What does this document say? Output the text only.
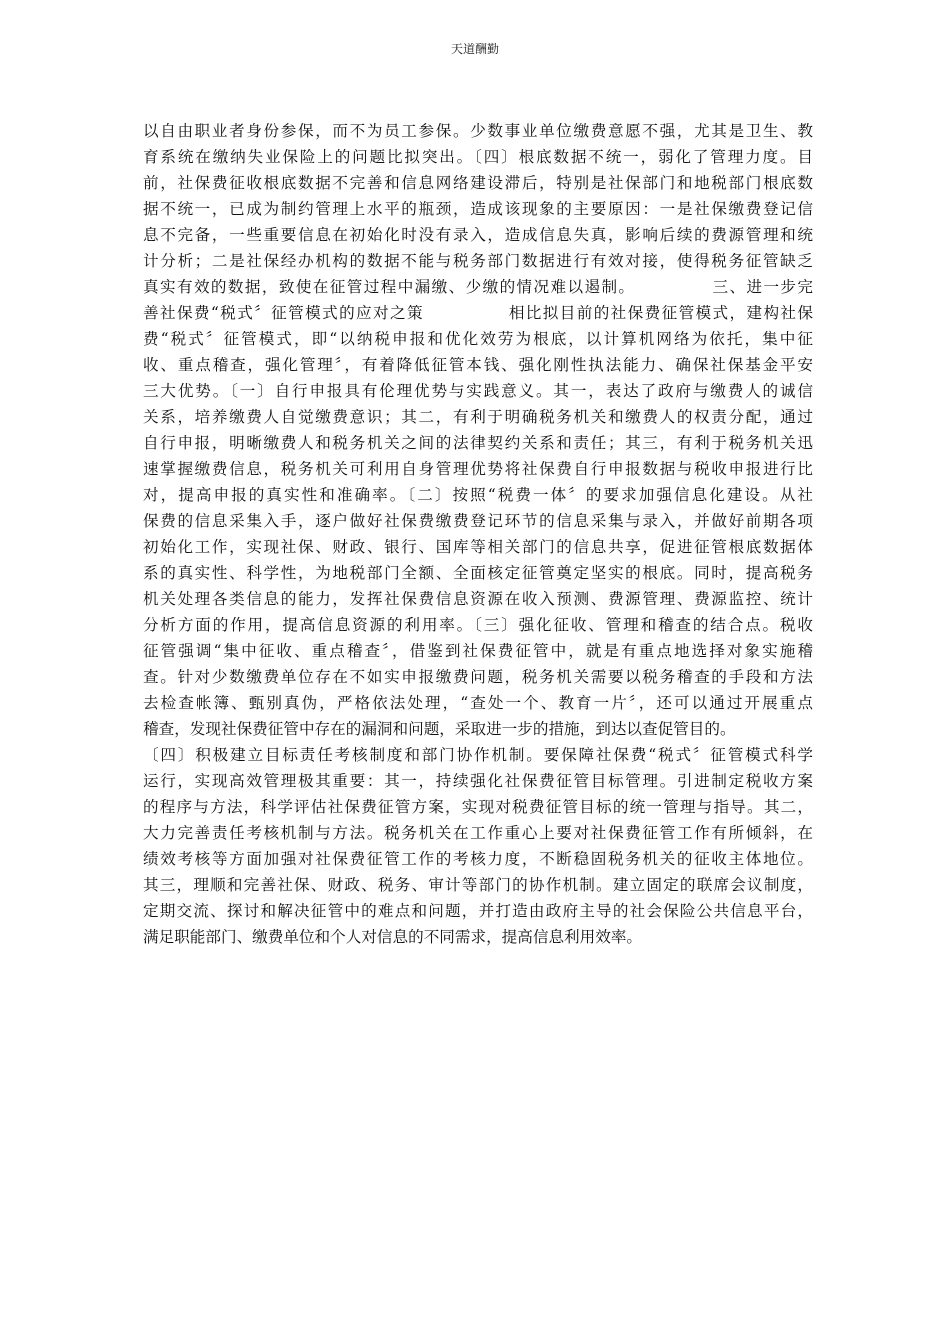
天道酬勤
以自由职业者身份参保，而不为员工参保。少数事业单位缴费意愿不强，尤其是卫生、教
育系统在缴纳失业保险上的问题比拟突出。〔四〕根底数据不统一，弱化了管理力度。目
前，社保费征收根底数据不完善和信息网络建设滞后，特别是社保部门和地税部门根底数
据不统一，已成为制约管理上水平的瓶颈，造成该现象的主要原因：一是社保缴费登记信
息不完备，一些重要信息在初始化时没有录入，造成信息失真，影响后续的费源管理和统
计分析；二是社保经办机构的数据不能与税务部门数据进行有效对接，使得税务征管缺乏
真实有效的数据，致使在征管过程中漏缴、少缴的情况难以遏制。　　　　　三、进一步完
善社保费“税式〞征管模式的应对之策　　　　　相比拟目前的社保费征管模式，建构社保
费“税式〞征管模式，即“以纳税申报和优化效劳为根底，以计算机网络为依托，集中征
收、重点稽查，强化管理〞，有着降低征管本钱、强化刚性执法能力、确保社保基金平安
三大优势。〔一〕自行申报具有伦理优势与实践意义。其一，表达了政府与缴费人的诚信
关系，培养缴费人自觉缴费意识；其二，有利于明确税务机关和缴费人的权责分配，通过
自行申报，明晰缴费人和税务机关之间的法律契约关系和责任；其三，有利于税务机关迅
速掌握缴费信息，税务机关可利用自身管理优势将社保费自行申报数据与税收申报进行比
对，提高申报的真实性和准确率。〔二〕按照“税费一体〞的要求加强信息化建设。从社
保费的信息采集入手，逐户做好社保费缴费登记环节的信息采集与录入，并做好前期各项
初始化工作，实现社保、财政、银行、国库等相关部门的信息共享，促进征管根底数据体
系的真实性、科学性，为地税部门全额、全面核定征管奠定坚实的根底。同时，提高税务
机关处理各类信息的能力，发挥社保费信息资源在收入预测、费源管理、费源监控、统计
分析方面的作用，提高信息资源的利用率。〔三〕强化征收、管理和稽查的结合点。税收
征管强调“集中征收、重点稽查〞，借鉴到社保费征管中，就是有重点地选择对象实施稽
查。针对少数缴费单位存在不如实申报缴费问题，税务机关需要以税务稽查的手段和方法
去检查帐簿、甄别真伪，严格依法处理，“查处一个、教育一片〞，还可以通过开展重点
稽查，发现社保费征管中存在的漏洞和问题，采取进一步的措施，到达以查促管目的。
〔四〕积极建立目标责任考核制度和部门协作机制。要保障社保费“税式〞征管模式科学
运行，实现高效管理极其重要：其一，持续强化社保费征管目标管理。引进制定税收方案
的程序与方法，科学评估社保费征管方案，实现对税费征管目标的统一管理与指导。其二，
大力完善责任考核机制与方法。税务机关在工作重心上要对社保费征管工作有所倾斜，在
绩效考核等方面加强对社保费征管工作的考核力度，不断稳固税务机关的征收主体地位。
其三，理顺和完善社保、财政、税务、审计等部门的协作机制。建立固定的联席会议制度，
定期交流、探讨和解决征管中的难点和问题，并打造由政府主导的社会保险公共信息平台，
满足职能部门、缴费单位和个人对信息的不同需求，提高信息利用效率。
